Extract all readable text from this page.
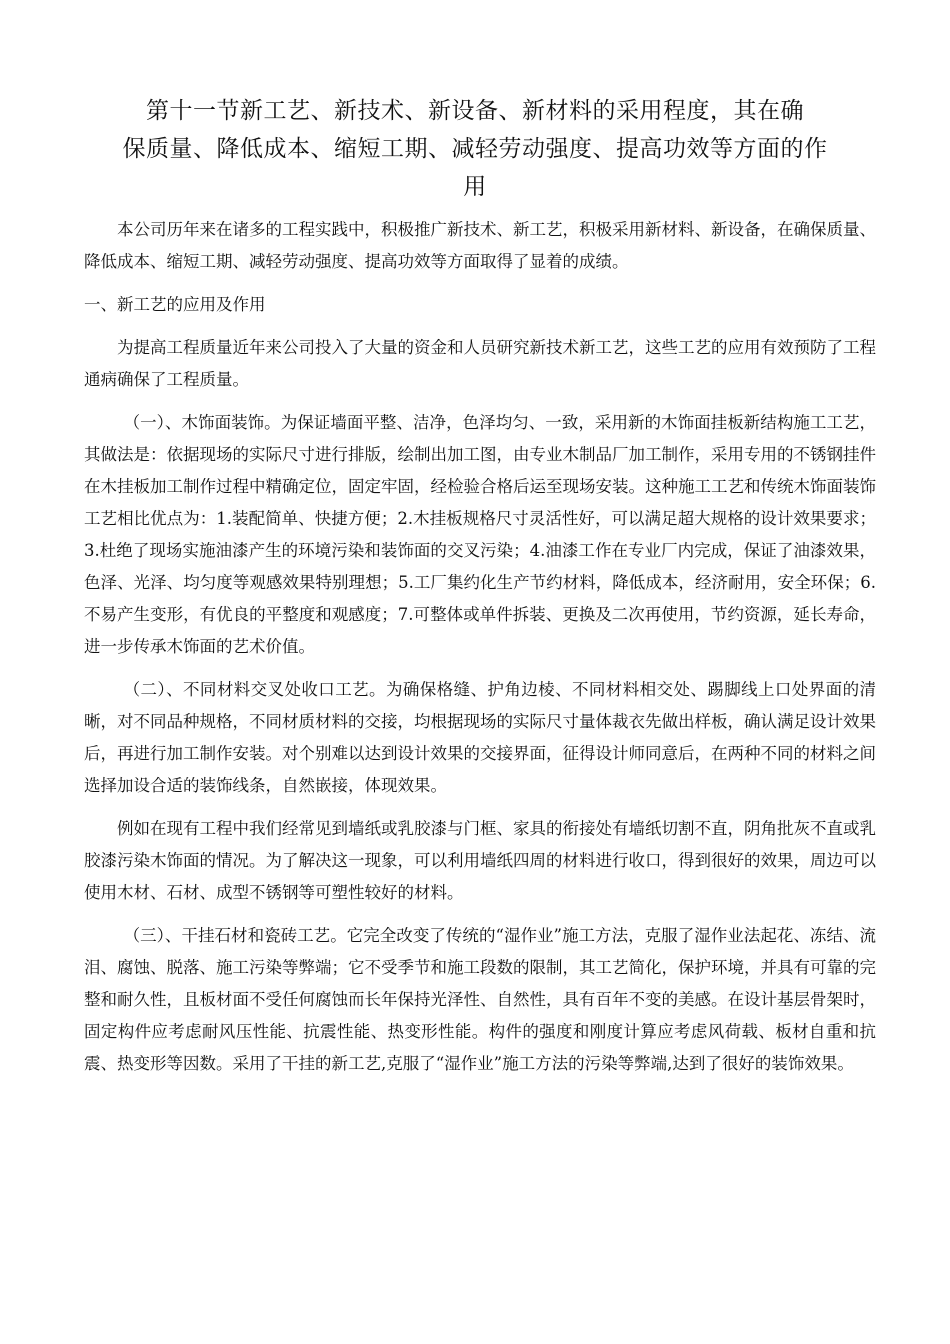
第十一节新工艺、新技术、新设备、新材料的采用程度，其在确
保质量、降低成本、缩短工期、减轻劳动强度、提高功效等方面的作
用

本公司历年来在诸多的工程实践中，积极推广新技术、新工艺，积极采用新材料、新设备，在确保质量、降低成本、缩短工期、减轻劳动强度、提高功效等方面取得了显着的成绩。

一、新工艺的应用及作用

为提高工程质量近年来公司投入了大量的资金和人员研究新技术新工艺，这些工艺的应用有效预防了工程通病确保了工程质量。

（一）、木饰面装饰。为保证墙面平整、洁净，色泽均匀、一致，采用新的木饰面挂板新结构施工工艺，其做法是：依据现场的实际尺寸进行排版，绘制出加工图，由专业木制品厂加工制作，采用专用的不锈钢挂件在木挂板加工制作过程中精确定位，固定牢固，经检验合格后运至现场安装。这种施工工艺和传统木饰面装饰工艺相比优点为：1.装配简单、快捷方便；2.木挂板规格尺寸灵活性好，可以满足超大规格的设计效果要求；3.杜绝了现场实施油漆产生的环境污染和装饰面的交叉污染；4.油漆工作在专业厂内完成，保证了油漆效果，色泽、光泽、均匀度等观感效果特别理想；5.工厂集约化生产节约材料，降低成本，经济耐用，安全环保；6.　不易产生变形，有优良的平整度和观感度；7.可整体或单件拆装、更换及二次再使用，节约资源，延长寿命，进一步传承木饰面的艺术价值。

（二）、不同材料交叉处收口工艺。为确保格缝、护角边棱、不同材料相交处、踢脚线上口处界面的清晰，对不同品种规格，不同材质材料的交接，均根据现场的实际尺寸量体裁衣先做出样板，确认满足设计效果后，再进行加工制作安装。对个别难以达到设计效果的交接界面，征得设计师同意后，在两种不同的材料之间选择加设合适的装饰线条，自然嵌接，体现效果。

例如在现有工程中我们经常见到墙纸或乳胶漆与门框、家具的衔接处有墙纸切割不直，阴角批灰不直或乳胶漆污染木饰面的情况。为了解决这一现象，可以利用墙纸四周的材料进行收口，得到很好的效果，周边可以使用木材、石材、成型不锈钢等可塑性较好的材料。

（三）、干挂石材和瓷砖工艺。它完全改变了传统的“湿作业”施工方法，克服了湿作业法起花、冻结、流泪、腐蚀、脱落、施工污染等弊端；它不受季节和施工段数的限制，其工艺简化，保护环境，并具有可靠的完整和耐久性，且板材面不受任何腐蚀而长年保持光泽性、自然性，具有百年不变的美感。在设计基层骨架时，固定构件应考虑耐风压性能、抗震性能、热变形性能。构件的强度和刚度计算应考虑风荷载、板材自重和抗震、热变形等因数。采用了干挂的新工艺,克服了“湿作业”施工方法的污染等弊端,达到了很好的装饰效果。
